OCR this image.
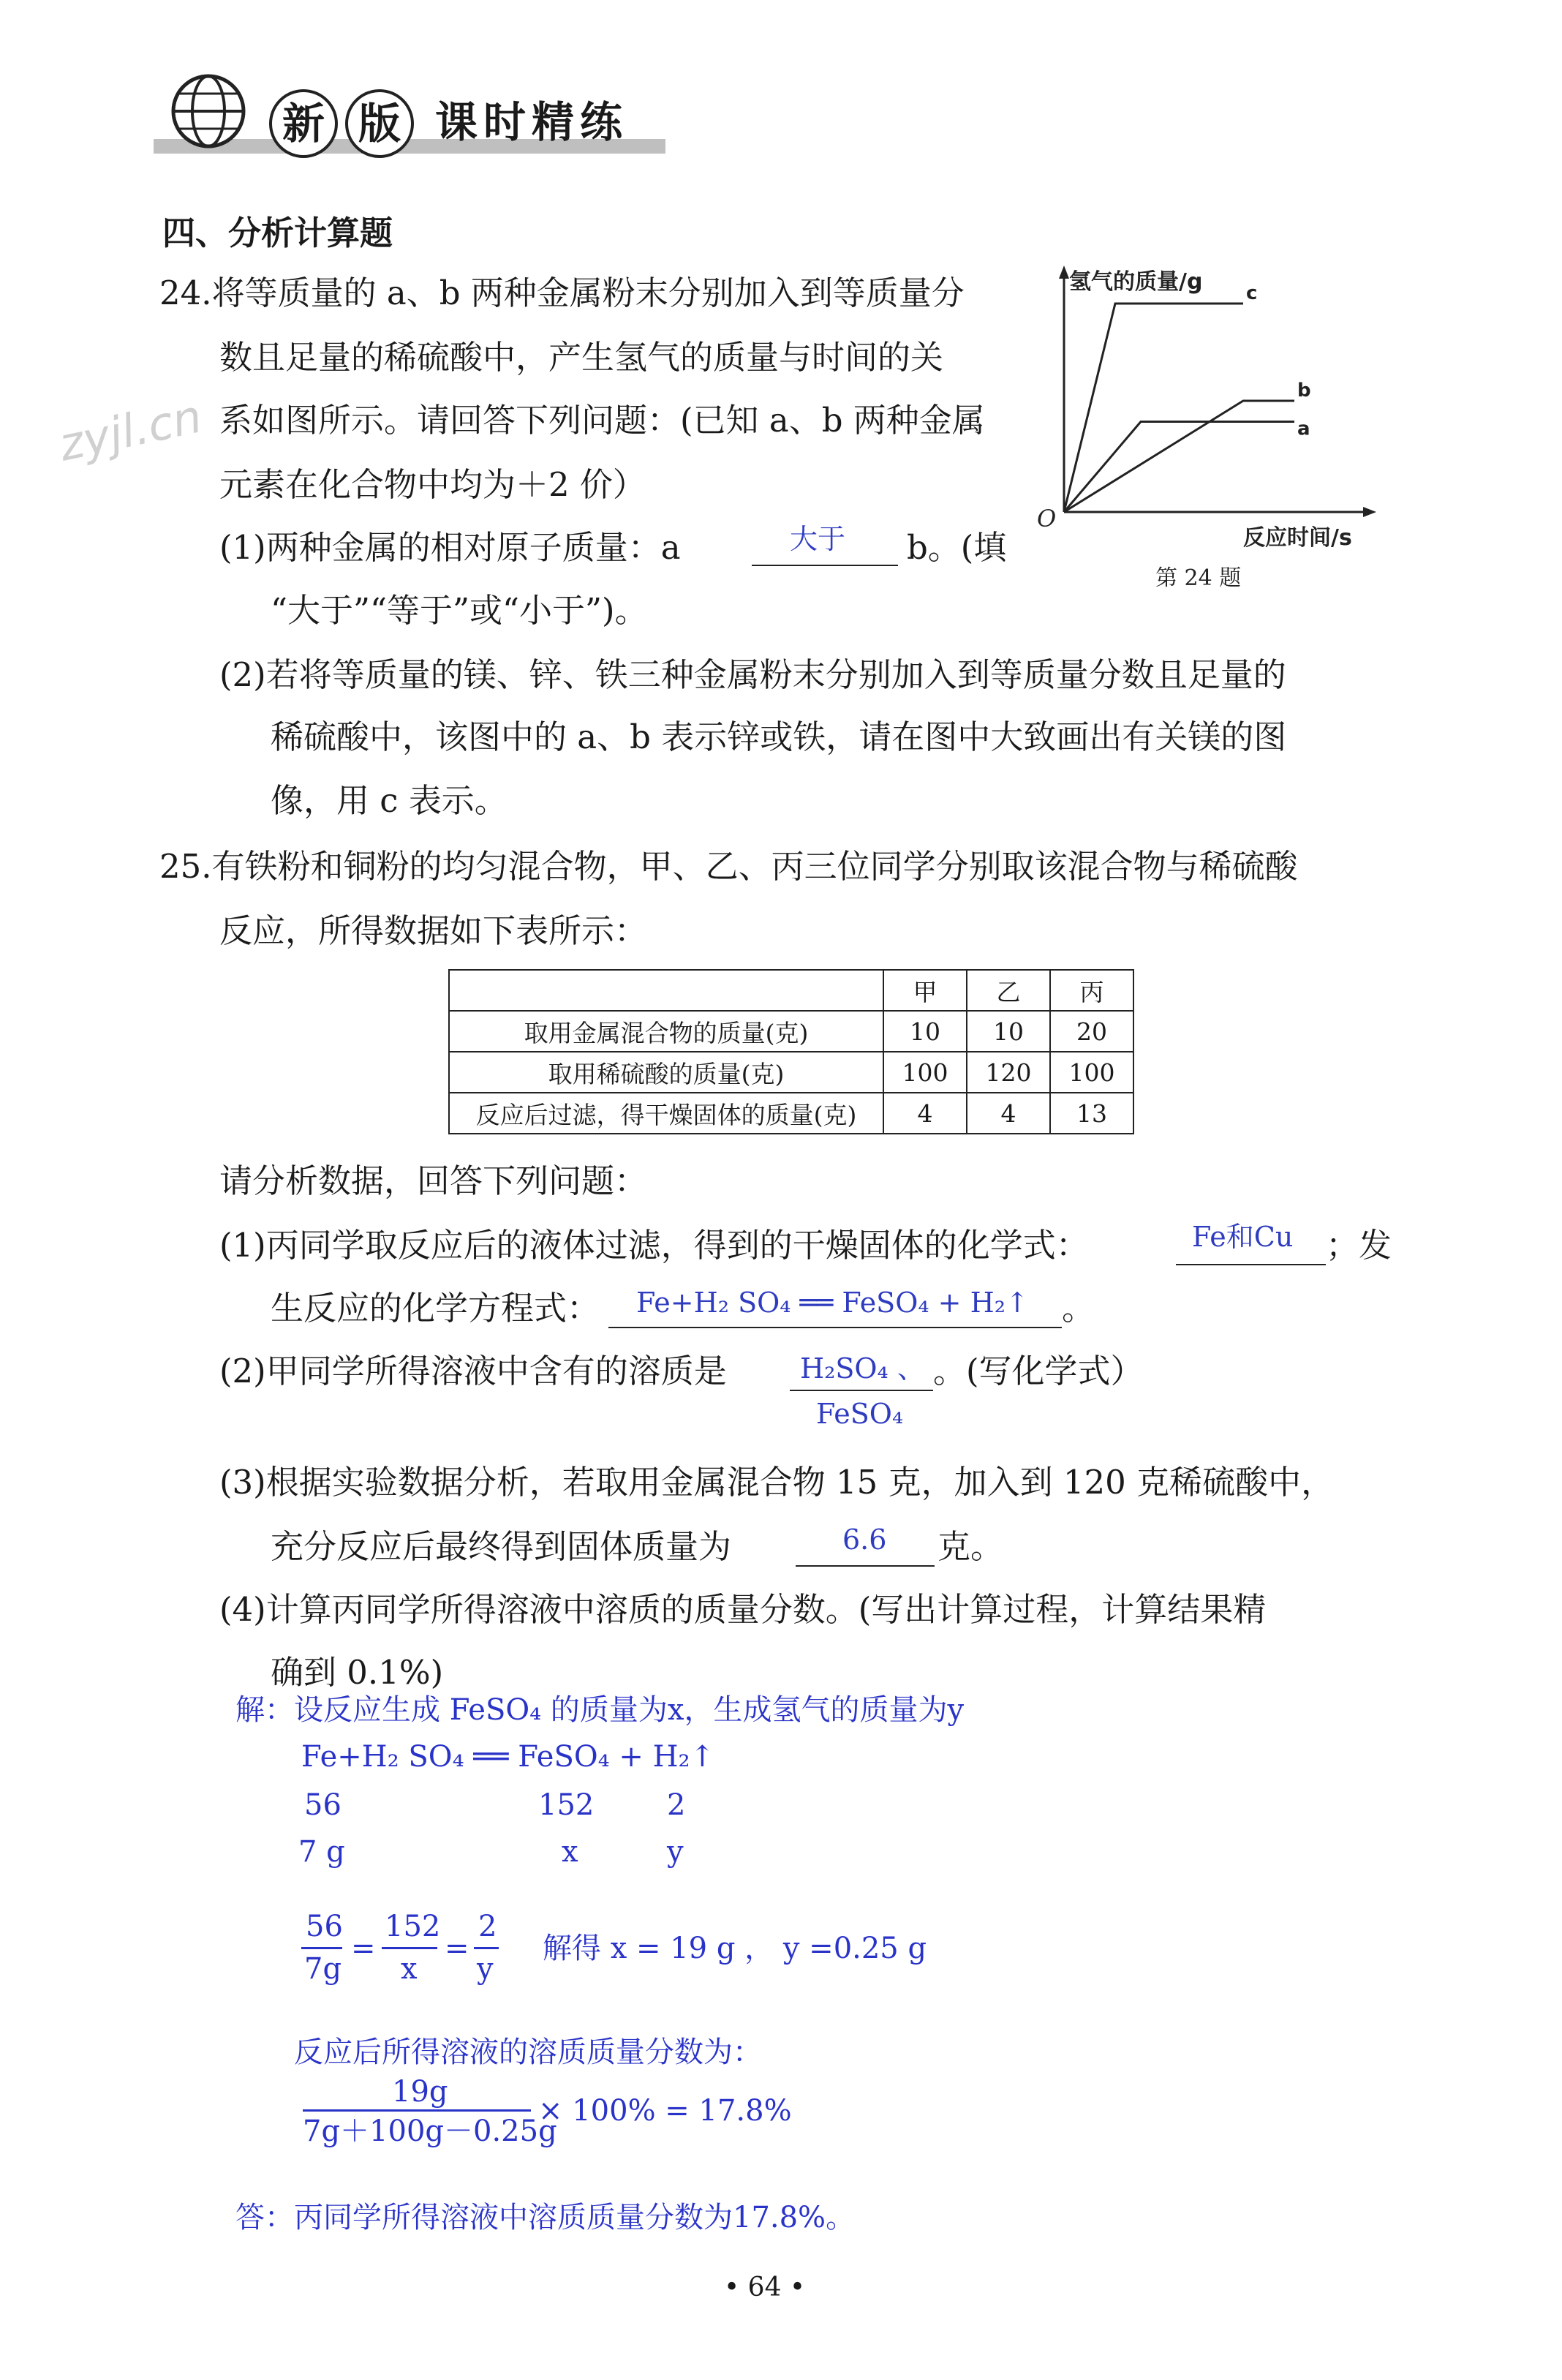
新 版 课时精练
zyjl.cn
四、分析计算题
24.将等质量的 a、b 两种金属粉末分别加入到等质量分
数且足量的稀硫酸中，产生氢气的质量与时间的关
系如图所示。请回答下列问题：(已知 a、b 两种金属
元素在化合物中均为＋2 价）
(1)两种金属的相对原子质量：a	大于 b。(填
“大于”“等于”或“小于”)。
(2)若将等质量的镁、锌、铁三种金属粉末分别加入到等质量分数且足量的
稀硫酸中，该图中的 a、b 表示锌或铁，请在图中大致画出有关镁的图
像，用 c 表示。
c
b
a
氢气的质量/g
反应时间/s
O
第 24 题
25.有铁粉和铜粉的均匀混合物，甲、乙、丙三位同学分别取该混合物与稀硫酸
反应，所得数据如下表所示：
	甲	乙	丙
取用金属混合物的质量(克)	10	10	20
取用稀硫酸的质量(克)	100	120	100
反应后过滤，得干燥固体的质量(克)	4	4	13
请分析数据，回答下列问题：
(1)丙同学取反应后的液体过滤，得到的干燥固体的化学式：	Fe和Cu ；发
生反应的化学方程式： Fe+H₂ SO₄ ══ FeSO₄ + H₂↑ 。
(2)甲同学所得溶液中含有的溶质是	H₂SO₄ 、
FeSO₄
。(写化学式）
(3)根据实验数据分析，若取用金属混合物 15 克，加入到 120 克稀硫酸中，
充分反应后最终得到固体质量为	6.6 克。
(4)计算丙同学所得溶液中溶质的质量分数。(写出计算过程，计算结果精
确到 0.1%)
解：设反应生成 FeSO₄ 的质量为x，生成氢气的质量为y
Fe+H₂ SO₄ ══ FeSO₄ + H₂↑
56	152 2
7 g	x	y
56
7g
=
152
x
=
2
y
解得 x = 19 g ， y =0.25 g
反应后所得溶液的溶质质量分数为：
19g
7g＋100g－0.25g
× 100% = 17.8%
答：丙同学所得溶液中溶质质量分数为17.8%。
• 64 •
